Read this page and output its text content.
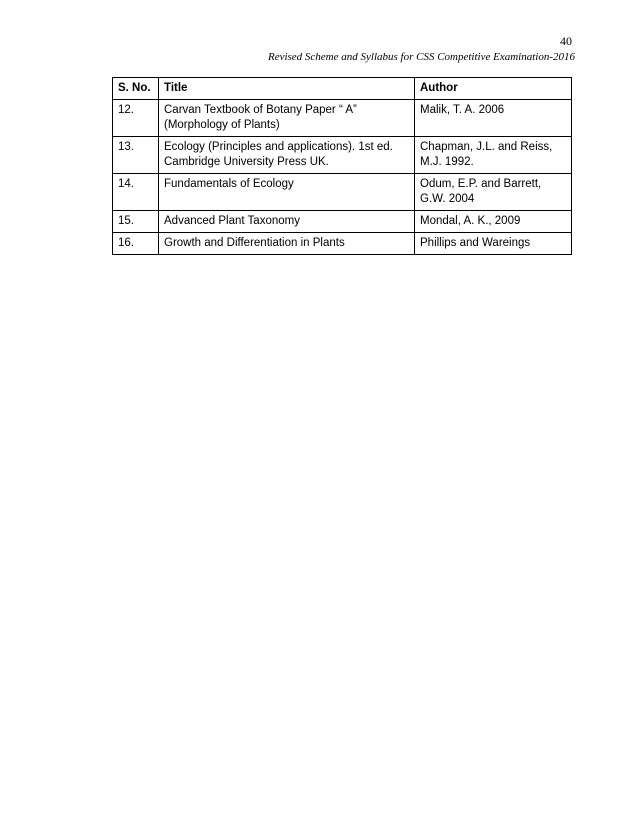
40
Revised Scheme and Syllabus for CSS Competitive Examination-2016
S. No.	Title	Author
12.	Carvan Textbook of Botany Paper “ A”
(Morphology of Plants)	Malik, T. A. 2006

13.	Ecology (Principles and applications). 1st ed.
Cambridge University Press UK.	Chapman, J.L. and Reiss,
M.J. 1992.

14.	Fundamentals of Ecology	Odum, E.P. and Barrett,
G.W. 2004

15.	Advanced Plant Taxonomy	Mondal, A. K., 2009

16.	Growth and Differentiation in Plants	Phillips and Wareings
